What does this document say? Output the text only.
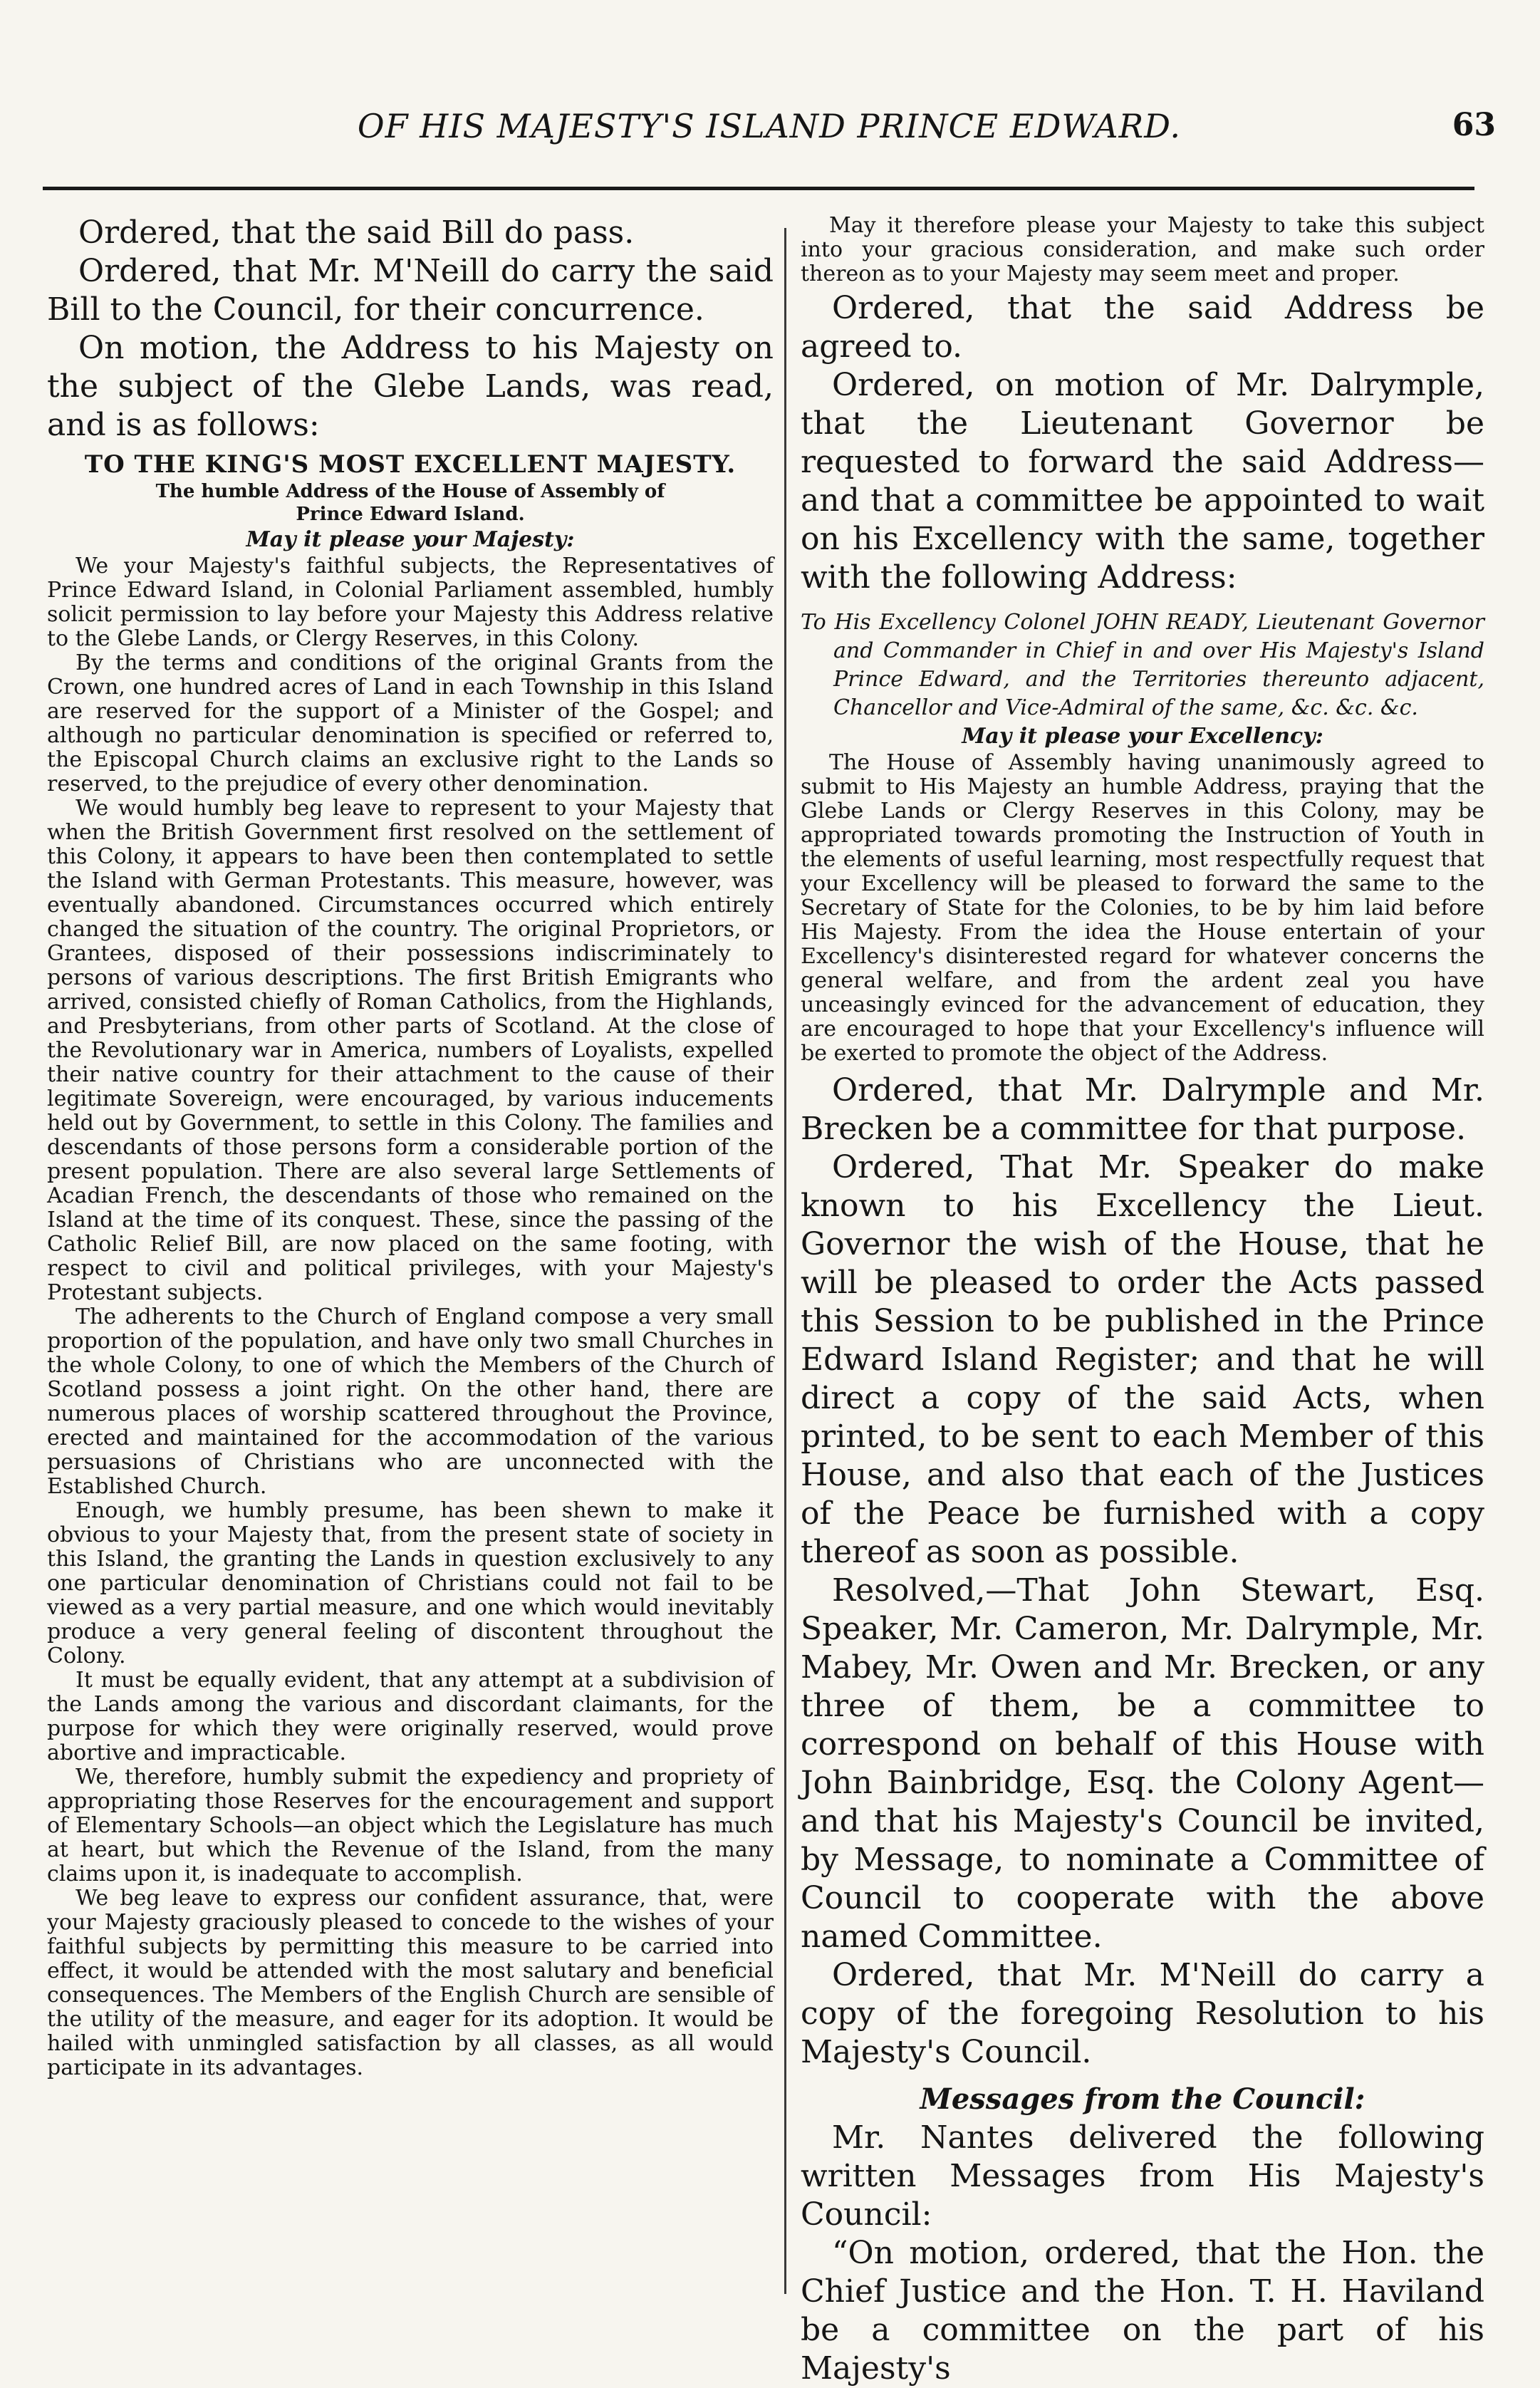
OF HIS MAJESTY'S ISLAND PRINCE EDWARD.	63

Ordered, that the said Bill do pass.

Ordered, that Mr. M'Neill do carry the said Bill to the Council, for their concurrence.

On motion, the Address to his Majesty on the subject of the Glebe Lands, was read, and is as follows:

TO THE KING'S MOST EXCELLENT MAJESTY.

The humble Address of the House of Assembly of

Prince Edward Island.

May it please your Majesty:

We your Majesty's faithful subjects, the Representatives of Prince Edward Island, in Colonial Parliament assembled, humbly solicit permission to lay before your Majesty this Address relative to the Glebe Lands, or Clergy Reserves, in this Colony.

By the terms and conditions of the original Grants from the Crown, one hundred acres of Land in each Township in this Island are reserved for the support of a Minister of the Gospel; and although no particular denomination is specified or referred to, the Episcopal Church claims an exclusive right to the Lands so reserved, to the prejudice of every other denomination.

We would humbly beg leave to represent to your Majesty that when the British Government first resolved on the settlement of this Colony, it appears to have been then contemplated to settle the Island with German Protestants. This measure, however, was eventually abandoned. Circumstances occurred which entirely changed the situation of the country. The original Proprietors, or Grantees, disposed of their possessions indiscriminately to persons of various descriptions. The first British Emigrants who arrived, consisted chiefly of Roman Catholics, from the Highlands, and Presbyterians, from other parts of Scotland. At the close of the Revolutionary war in America, numbers of Loyalists, expelled their native country for their attachment to the cause of their legitimate Sovereign, were encouraged, by various inducements held out by Government, to settle in this Colony. The families and descendants of those persons form a considerable portion of the present population. There are also several large Settlements of Acadian French, the descendants of those who remained on the Island at the time of its conquest. These, since the passing of the Catholic Relief Bill, are now placed on the same footing, with respect to civil and political privileges, with your Majesty's Protestant subjects.

The adherents to the Church of England compose a very small proportion of the population, and have only two small Churches in the whole Colony, to one of which the Members of the Church of Scotland possess a joint right. On the other hand, there are numerous places of worship scattered throughout the Province, erected and maintained for the accommodation of the various persuasions of Christians who are unconnected with the Established Church.

Enough, we humbly presume, has been shewn to make it obvious to your Majesty that, from the present state of society in this Island, the granting the Lands in question exclusively to any one particular denomination of Christians could not fail to be viewed as a very partial measure, and one which would inevitably produce a very general feeling of discontent throughout the Colony.

It must be equally evident, that any attempt at a subdivision of the Lands among the various and discordant claimants, for the purpose for which they were originally reserved, would prove abortive and impracticable.

We, therefore, humbly submit the expediency and propriety of appropriating those Reserves for the encouragement and support of Elementary Schools—an object which the Legislature has much at heart, but which the Revenue of the Island, from the many claims upon it, is inadequate to accomplish.

We beg leave to express our confident assurance, that, were your Majesty graciously pleased to concede to the wishes of your faithful subjects by permitting this measure to be carried into effect, it would be attended with the most salutary and beneficial consequences. The Members of the English Church are sensible of the utility of the measure, and eager for its adoption. It would be hailed with unmingled satisfaction by all classes, as all would participate in its advantages.

May it therefore please your Majesty to take this subject into your gracious consideration, and make such order thereon as to your Majesty may seem meet and proper.

Ordered, that the said Address be agreed to.

Ordered, on motion of Mr. Dalrymple, that the Lieutenant Governor be requested to forward the said Address—and that a committee be appointed to wait on his Excellency with the same, together with the following Address:

To His Excellency Colonel JOHN READY, Lieutenant Governor and Commander in Chief in and over His Majesty's Island Prince Edward, and the Territories thereunto adjacent, Chancellor and Vice-Admiral of the same, &c. &c. &c.

May it please your Excellency:

The House of Assembly having unanimously agreed to submit to His Majesty an humble Address, praying that the Glebe Lands or Clergy Reserves in this Colony, may be appropriated towards promoting the Instruction of Youth in the elements of useful learning, most respectfully request that your Excellency will be pleased to forward the same to the Secretary of State for the Colonies, to be by him laid before His Majesty. From the idea the House entertain of your Excellency's disinterested regard for whatever concerns the general welfare, and from the ardent zeal you have unceasingly evinced for the advancement of education, they are encouraged to hope that your Excellency's influence will be exerted to promote the object of the Address.

Ordered, that Mr. Dalrymple and Mr. Brecken be a committee for that purpose.

Ordered, That Mr. Speaker do make known to his Excellency the Lieut. Governor the wish of the House, that he will be pleased to order the Acts passed this Session to be published in the Prince Edward Island Register; and that he will direct a copy of the said Acts, when printed, to be sent to each Member of this House, and also that each of the Justices of the Peace be furnished with a copy thereof as soon as possible.

Resolved,—That John Stewart, Esq. Speaker, Mr. Cameron, Mr. Dalrymple, Mr. Mabey, Mr. Owen and Mr. Brecken, or any three of them, be a committee to correspond on behalf of this House with John Bainbridge, Esq. the Colony Agent—and that his Majesty's Council be invited, by Message, to nominate a Committee of Council to cooperate with the above named Committee.

Ordered, that Mr. M'Neill do carry a copy of the foregoing Resolution to his Majesty's Council.

Messages from the Council:

Mr. Nantes delivered the following written Messages from His Majesty's Council:

“On motion, ordered, that the Hon. the Chief Justice and the Hon. T. H. Haviland be a committee on the part of his Majesty's
